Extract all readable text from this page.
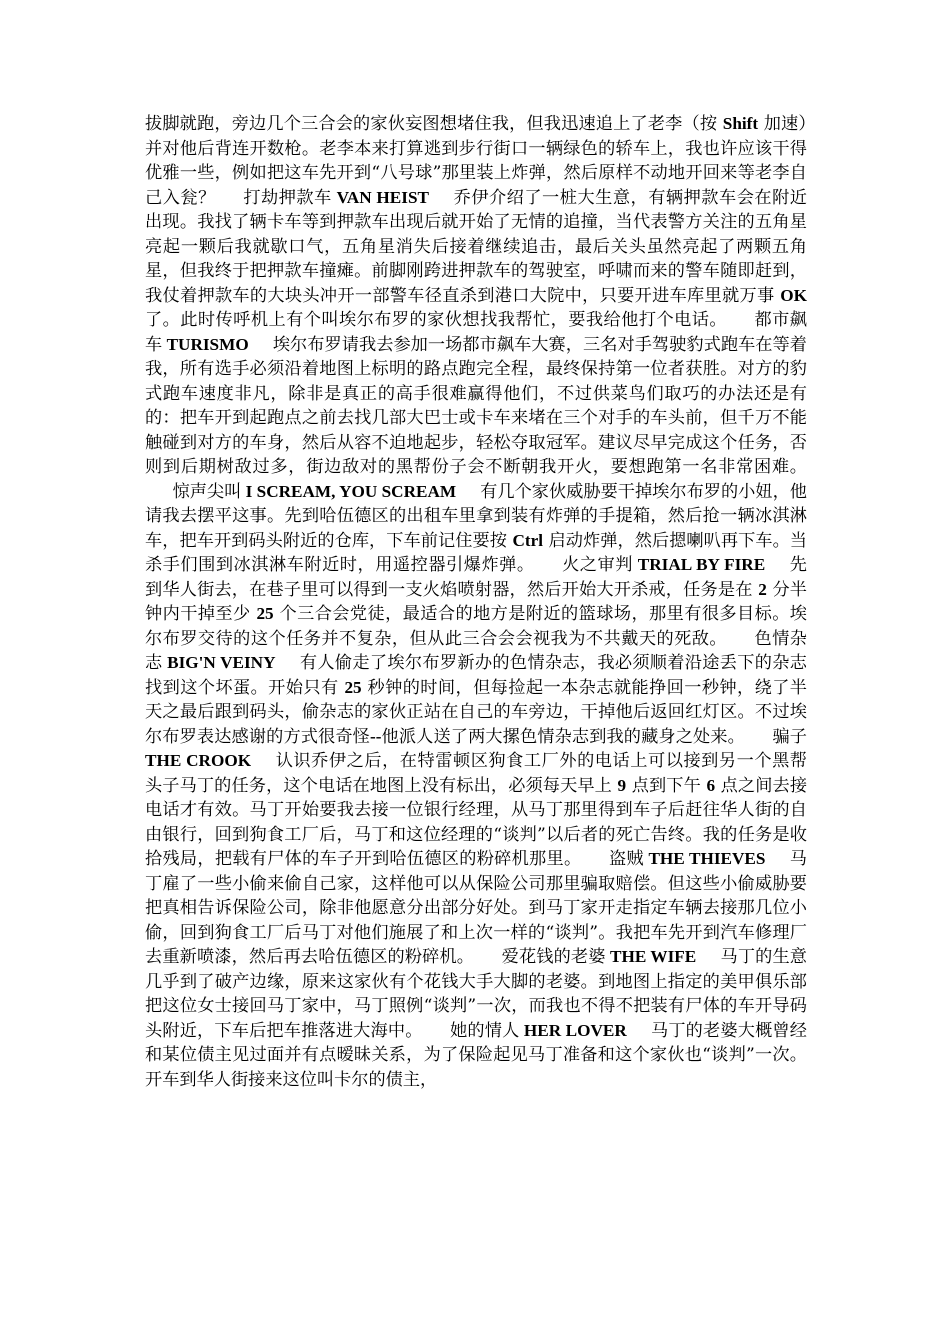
拔脚就跑，旁边几个三合会的家伙妄图想堵住我，但我迅速追上了老李（按 Shift 加速）并对他后背连开数枪。老李本来打算逃到步行街口一辆绿色的轿车上，我也许应该干得优雅一些，例如把这车先开到“八号球”那里装上炸弹，然后原样不动地开回来等老李自己入瓮？ 打劫押款车 VAN HEIST 乔伊介绍了一桩大生意，有辆押款车会在附近出现。我找了辆卡车等到押款车出现后就开始了无情的追撞，当代表警方关注的五角星亮起一颗后我就歇口气，五角星消失后接着继续追击，最后关头虽然亮起了两颗五角星，但我终于把押款车撞瘫。前脚刚跨进押款车的驾驶室，呼啸而来的警车随即赶到，我仗着押款车的大块头冲开一部警车径直杀到港口大院中，只要开进车库里就万事 OK 了。此时传呼机上有个叫埃尔布罗的家伙想找我帮忙，要我给他打个电话。 都市飙车 TURISMO 埃尔布罗请我去参加一场都市飙车大赛，三名对手驾驶豹式跑车在等着我，所有选手必须沿着地图上标明的路点跑完全程，最终保持第一位者获胜。对方的豹式跑车速度非凡，除非是真正的高手很难赢得他们，不过供菜鸟们取巧的办法还是有的：把车开到起跑点之前去找几部大巴士或卡车来堵在三个对手的车头前，但千万不能触碰到对方的车身，然后从容不迫地起步，轻松夺取冠军。建议尽早完成这个任务，否则到后期树敌过多，街边敌对的黑帮份子会不断朝我开火，要想跑第一名非常困难。惊声尖叫 I SCREAM, YOU SCREAM 有几个家伙威胁要干掉埃尔布罗的小妞，他请我去摆平这事。先到哈伍德区的出租车里拿到装有炸弹的手提箱，然后抢一辆冰淇淋车，把车开到码头附近的仓库，下车前记住要按 Ctrl 启动炸弹，然后摁喇叭再下车。当杀手们围到冰淇淋车附近时，用遥控器引爆炸弹。 火之审判 TRIAL BY FIRE 先到华人街去，在巷子里可以得到一支火焰喷射器，然后开始大开杀戒，任务是在 2 分半钟内干掉至少 25 个三合会党徒，最适合的地方是附近的篮球场，那里有很多目标。埃尔布罗交待的这个任务并不复杂，但从此三合会会视我为不共戴天的死敌。 色情杂志 BIG'N VEINY 有人偷走了埃尔布罗新办的色情杂志，我必须顺着沿途丢下的杂志找到这个坏蛋。开始只有 25 秒钟的时间，但每捡起一本杂志就能挣回一秒钟，绕了半天之最后跟到码头，偷杂志的家伙正站在自己的车旁边，干掉他后返回红灯区。不过埃尔布罗表达感谢的方式很奇怪--他派人送了两大摞色情杂志到我的藏身之处来。 骗子 THE CROOK 认识乔伊之后，在特雷顿区狗食工厂外的电话上可以接到另一个黑帮头子马丁的任务，这个电话在地图上没有标出，必须每天早上 9 点到下午 6 点之间去接电话才有效。马丁开始要我去接一位银行经理，从马丁那里得到车子后赶往华人街的自由银行，回到狗食工厂后，马丁和这位经理的“谈判”以后者的死亡告终。我的任务是收拾残局，把载有尸体的车子开到哈伍德区的粉碎机那里。 盗贼 THE THIEVES 马丁雇了一些小偷来偷自己家，这样他可以从保险公司那里骗取赔偿。但这些小偷威胁要把真相告诉保险公司，除非他愿意分出部分好处。到马丁家开走指定车辆去接那几位小偷，回到狗食工厂后马丁对他们施展了和上次一样的“谈判”。我把车先开到汽车修理厂去重新喷漆，然后再去哈伍德区的粉碎机。 爱花钱的老婆 THE WIFE 马丁的生意几乎到了破产边缘，原来这家伙有个花钱大手大脚的老婆。到地图上指定的美甲俱乐部把这位女士接回马丁家中，马丁照例“谈判”一次，而我也不得不把装有尸体的车开导码头附近，下车后把车推落进大海中。 她的情人 HER LOVER 马丁的老婆大概曾经和某位债主见过面并有点暧昧关系，为了保险起见马丁准备和这个家伙也“谈判”一次。开车到华人街接来这位叫卡尔的债主，
